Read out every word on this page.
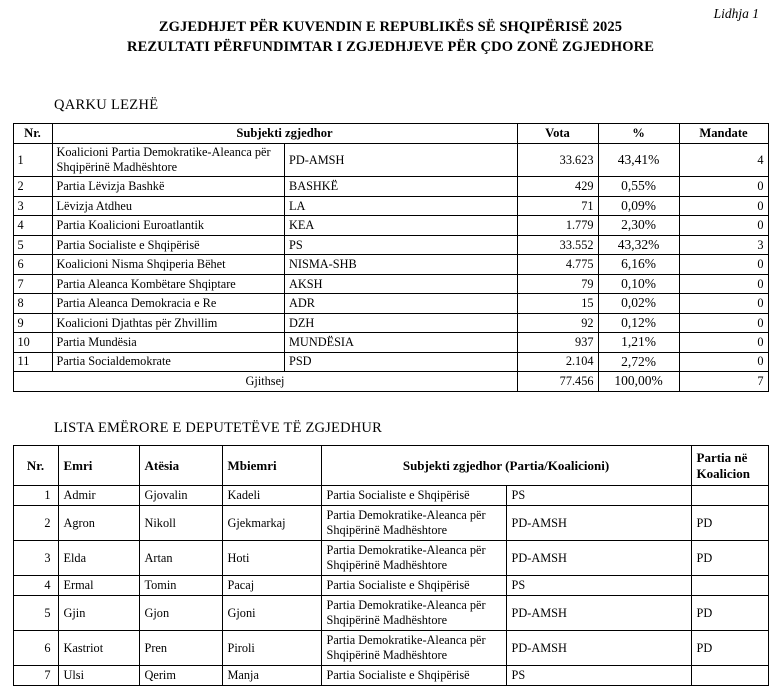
Lidhja 1
ZGJEDHJET PËR KUVENDIN E REPUBLIKËS SË SHQIPËRISË 2025
REZULTATI PËRFUNDIMTAR I ZGJEDHJEVE PËR ÇDO ZONË ZGJEDHORE
QARKU LEZHË
Nr.	Subjekti zgjedhor		Vota	%	Mandate
1	Koalicioni Partia Demokratike-Aleanca për Shqipërinë Madhështore	PD-AMSH	33.623	43,41%	4
2	Partia Lëvizja Bashkë	BASHKË	429	0,55%	0
3	Lëvizja Atdheu	LA	71	0,09%	0
4	Partia Koalicioni Euroatlantik	KEA	1.779	2,30%	0
5	Partia Socialiste e Shqipërisë	PS	33.552	43,32%	3
6	Koalicioni Nisma Shqiperia Bëhet	NISMA-SHB	4.775	6,16%	0
7	Partia Aleanca Kombëtare Shqiptare	AKSH	79	0,10%	0
8	Partia Aleanca Demokracia e Re	ADR	15	0,02%	0
9	Koalicioni Djathtas për Zhvillim	DZH	92	0,12%	0
10	Partia Mundësia	MUNDËSIA	937	1,21%	0
11	Partia Socialdemokrate	PSD	2.104	2,72%	0
Gjithsej			77.456	100,00%	7
LISTA EMËRORE E DEPUTETËVE TË ZGJEDHUR
Nr.	Emri	Atësia	Mbiemri	Subjekti zgjedhor (Partia/Koalicioni)		Partia në
Koalicion
1	Admir	Gjovalin	Kadeli	Partia Socialiste e Shqipërisë	PS	
2	Agron	Nikoll	Gjekmarkaj	Partia Demokratike-Aleanca për Shqipërinë Madhështore	PD-AMSH	PD
3	Elda	Artan	Hoti	Partia Demokratike-Aleanca për Shqipërinë Madhështore	PD-AMSH	PD
4	Ermal	Tomin	Pacaj	Partia Socialiste e Shqipërisë	PS	
5	Gjin	Gjon	Gjoni	Partia Demokratike-Aleanca për Shqipërinë Madhështore	PD-AMSH	PD
6	Kastriot	Pren	Piroli	Partia Demokratike-Aleanca për Shqipërinë Madhështore	PD-AMSH	PD
7	Ulsi	Qerim	Manja	Partia Socialiste e Shqipërisë	PS	
